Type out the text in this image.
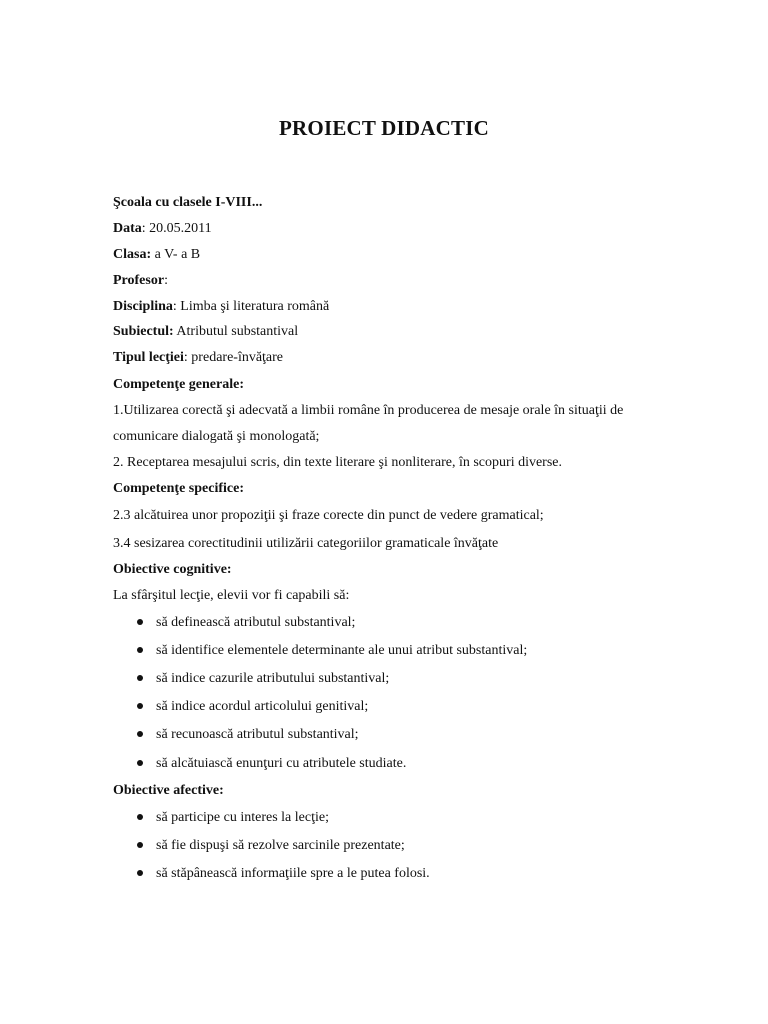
PROIECT DIDACTIC
Şcoala cu clasele I-VIII...
Data: 20.05.2011
Clasa: a V- a B
Profesor:
Disciplina: Limba şi literatura română
Subiectul: Atributul substantival
Tipul lecţiei: predare-învăţare
Competenţe generale:
1.Utilizarea corectă şi adecvată a limbii române în producerea de mesaje orale în situaţii de
comunicare dialogată şi monologată;
2. Receptarea mesajului scris, din texte literare şi nonliterare, în scopuri diverse.
Competenţe specifice:
2.3 alcătuirea unor propoziţii şi fraze corecte din punct de vedere gramatical;
3.4 sesizarea corectitudinii utilizării categoriilor gramaticale învăţate
Obiective cognitive:
La sfârşitul lecţie, elevii vor fi capabili să:
să definească atributul substantival;
să identifice elementele determinante ale unui atribut substantival;
să indice cazurile atributului substantival;
să indice acordul articolului genitival;
să recunoască atributul substantival;
să alcătuiască enunţuri cu atributele studiate.
Obiective afective:
să participe cu interes la lecţie;
să fie dispuşi să rezolve sarcinile prezentate;
să stăpânească informaţiile spre a le putea folosi.
